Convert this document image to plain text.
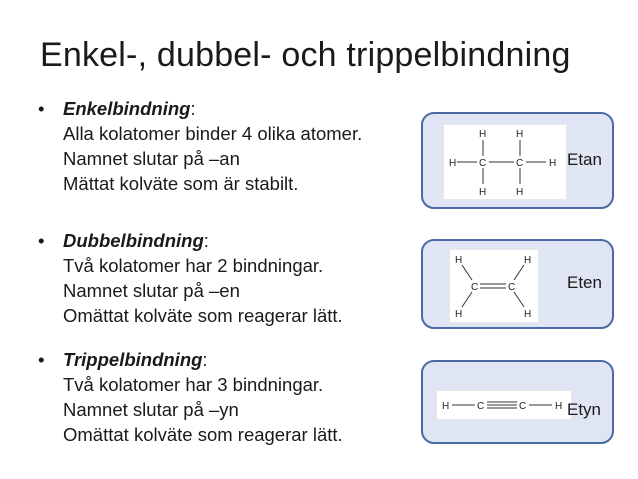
Enkel-, dubbel- och trippelbindning
• Enkelbindning:
Alla kolatomer binder 4 olika atomer.
Namnet slutar på –an
Mättat kolväte som är stabilt.
• Dubbelbindning:
Två kolatomer har 2 bindningar.
Namnet slutar på –en
Omättat kolväte som reagerar lätt.
• Trippelbindning:
Två kolatomer har 3 bindningar.
Namnet slutar på –yn
Omättat kolväte som reagerar lätt.
H C	C	H
H	H
H	H
Etan
C	C
H	H
H	H
Eten
H	C	C	H Etyn
